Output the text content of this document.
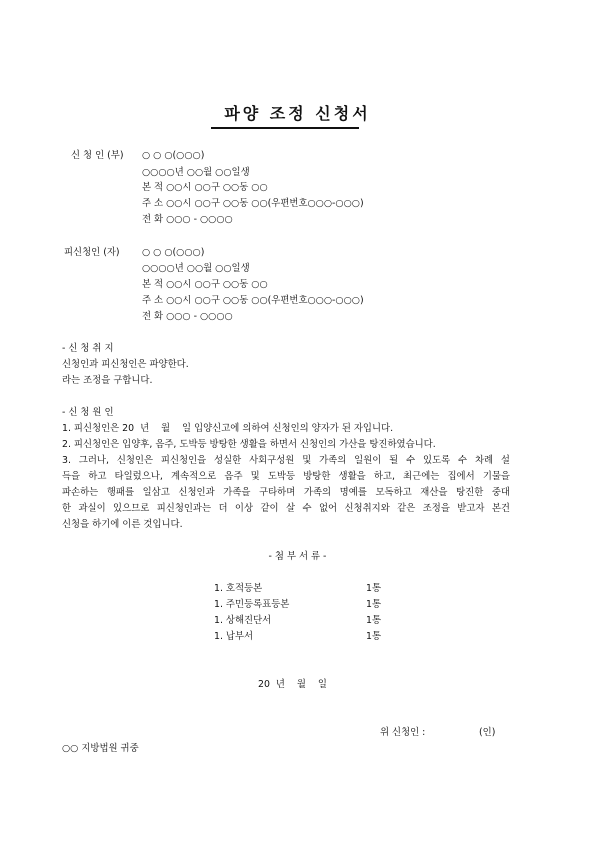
파양 조정 신청서
신 청 인 (부) ○ ○ ○(○○○)
○○○○년 ○○월 ○○일생
본 적 ○○시 ○○구 ○○동 ○○
주 소 ○○시 ○○구 ○○동 ○○(우편번호○○○-○○○)
전 화 ○○○ - ○○○○
피신청인 (자) ○ ○ ○(○○○)
○○○○년 ○○월 ○○일생
본 적 ○○시 ○○구 ○○동 ○○
주 소 ○○시 ○○구 ○○동 ○○(우편번호○○○-○○○)
전 화 ○○○ - ○○○○
- 신 청 취 지
신청인과 피신청인은 파양한다.
라는 조정을 구합니다.
- 신 청 원 인
1. 피신청인은 20  년    월    일 입양신고에 의하여 신청인의 양자가 된 자입니다.
2. 피신청인은 입양후, 음주, 도박등 방탕한 생활을 하면서 신청인의 가산을 탕진하였습니다.
3. 그러나, 신청인은 피신청인을 성실한 사회구성원 및 가족의 일원이 될 수 있도록 수 차례 설
득을 하고 타일렀으나, 계속적으로 음주 및 도박등 방탕한 생활을 하고, 최근에는 집에서 기물을
파손하는 행패를 일삼고 신청인과 가족을 구타하며 가족의 명예를 모독하고 재산을 탕진한 중대
한 과실이 있으므로 피신청인과는 더 이상 같이 살 수 없어 신청취지와 같은 조정을 받고자 본건
신청을 하기에 이른 것입니다.
- 첨 부 서 류 -
1. 호적등본	1통
1. 주민등록표등본	1통
1. 상해진단서	1통
1. 납부서	1통
20  년    월    일
위 신청인 :                  (인)
○○ 지방법원 귀중
